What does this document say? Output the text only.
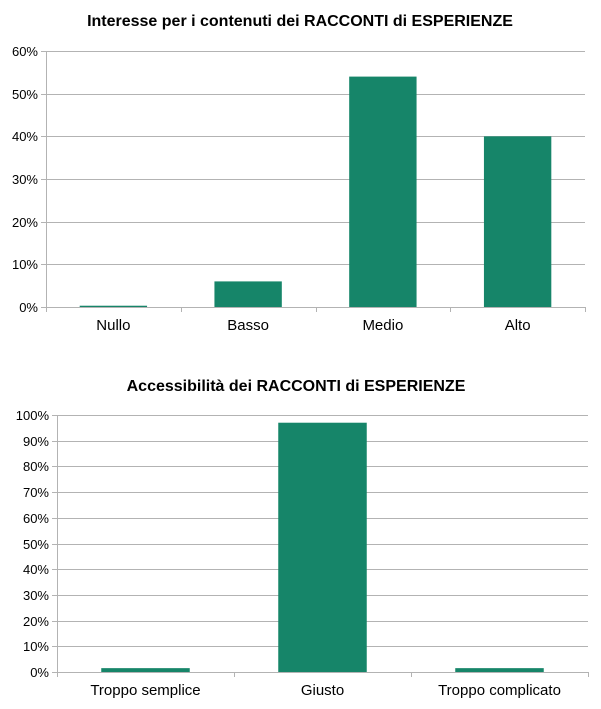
Interesse per i contenuti dei RACCONTI di ESPERIENZE
0%
10%
20%
30%
40%
50%
60%
Nullo	Basso	Medio	Alto
Accessibilità dei RACCONTI di ESPERIENZE
0%
10%
20%
30%
40%
50%
60%
70%
80%
90%
100%
Troppo semplice	Giusto	Troppo complicato
